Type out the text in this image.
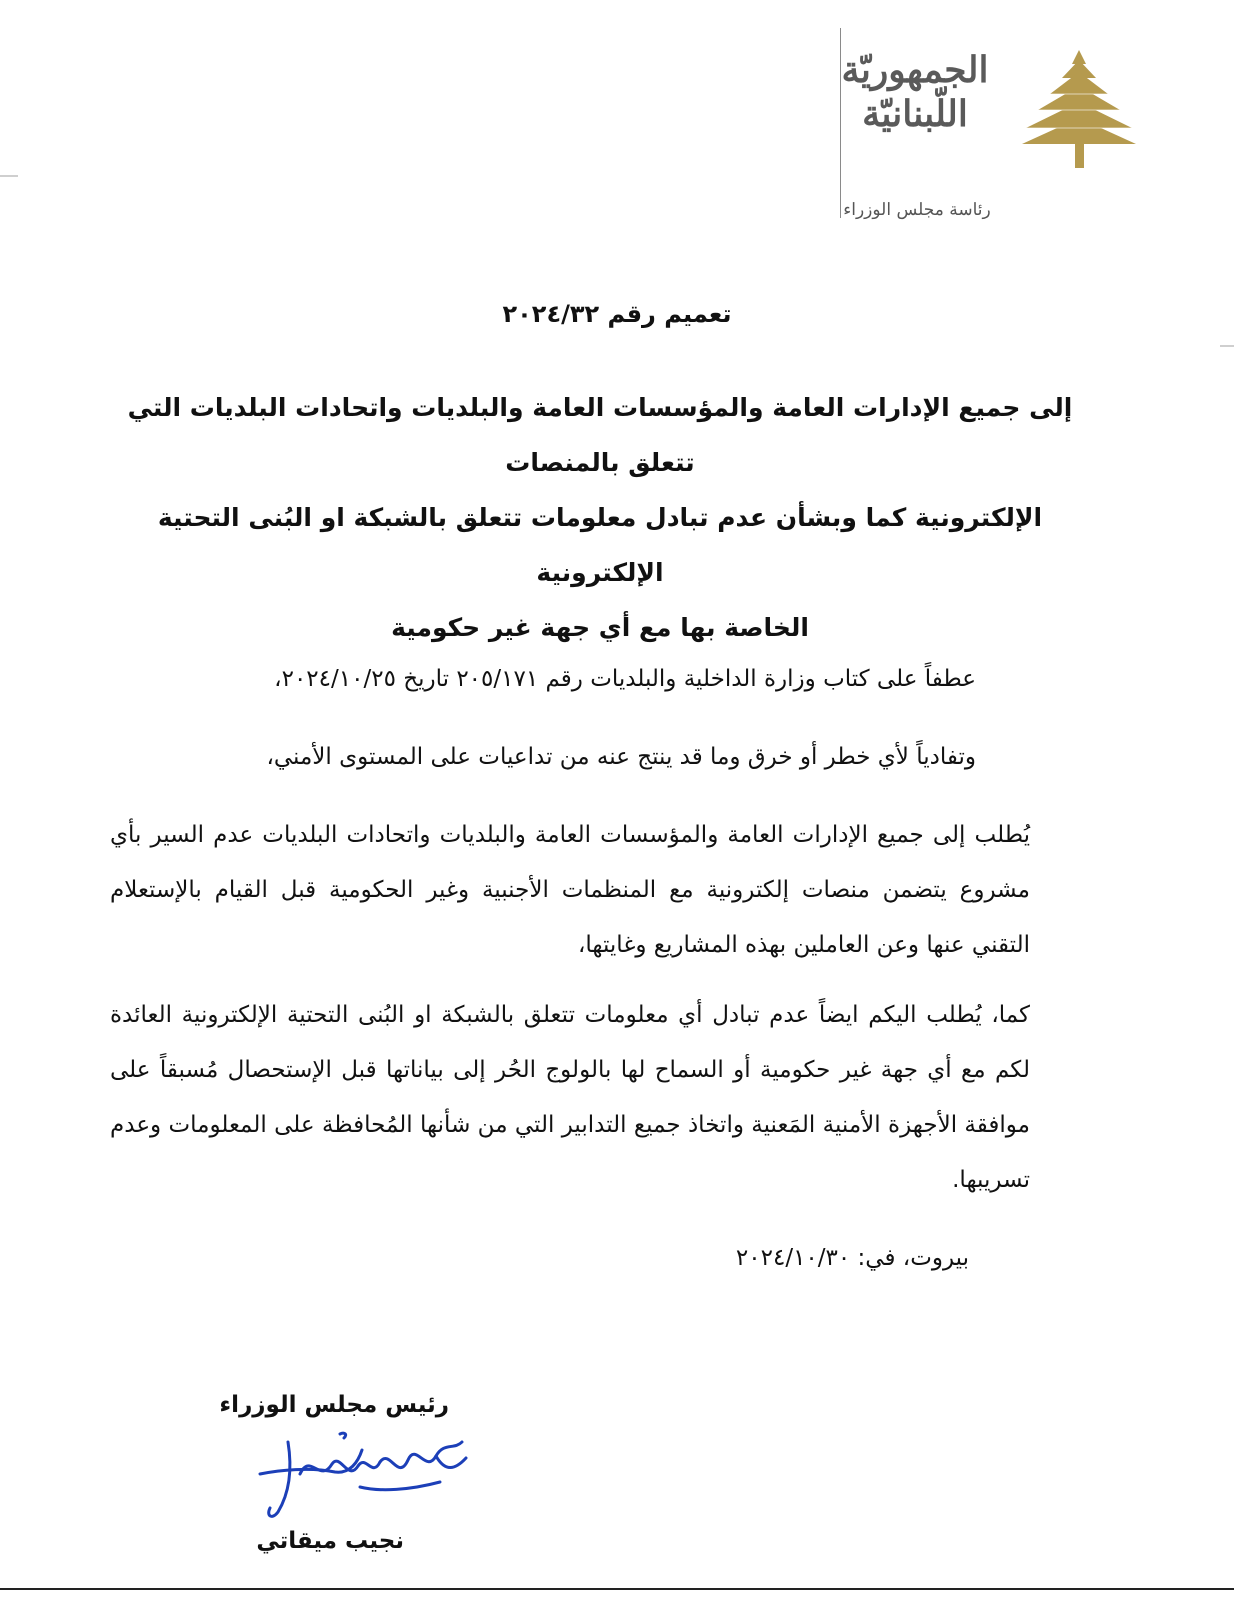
الجمهوريّة
اللّبنانيّة
رئاسة مجلس الوزراء
تعميم رقم ٢٠٢٤/٣٢
إلى جميع الإدارات العامة والمؤسسات العامة والبلديات واتحادات البلديات التي تتعلق بالمنصات
الإلكترونية كما وبشأن عدم تبادل معلومات تتعلق بالشبكة او البُنى التحتية الإلكترونية
الخاصة بها مع أي جهة غير حكومية
عطفاً على كتاب وزارة الداخلية والبلديات رقم ٢٠٥/١٧١ تاريخ ٢٠٢٤/١٠/٢٥،
وتفادياً لأي خطر أو خرق وما قد ينتج عنه من تداعيات على المستوى الأمني،
يُطلب إلى جميع الإدارات العامة والمؤسسات العامة والبلديات واتحادات البلديات عدم السير بأي مشروع يتضمن منصات إلكترونية مع المنظمات الأجنبية وغير الحكومية قبل القيام بالإستعلام التقني عنها وعن العاملين بهذه المشاريع وغايتها،
كما، يُطلب اليكم ايضاً عدم تبادل أي معلومات تتعلق بالشبكة او البُنى التحتية الإلكترونية العائدة لكم مع أي جهة غير حكومية أو السماح لها بالولوج الحُر إلى بياناتها قبل الإستحصال مُسبقاً على موافقة الأجهزة الأمنية المَعنية واتخاذ جميع التدابير التي من شأنها المُحافظة على المعلومات وعدم تسريبها.
بيروت، في: ٢٠٢٤/١٠/٣٠
رئيس مجلس الوزراء
نجيب ميقاتي
